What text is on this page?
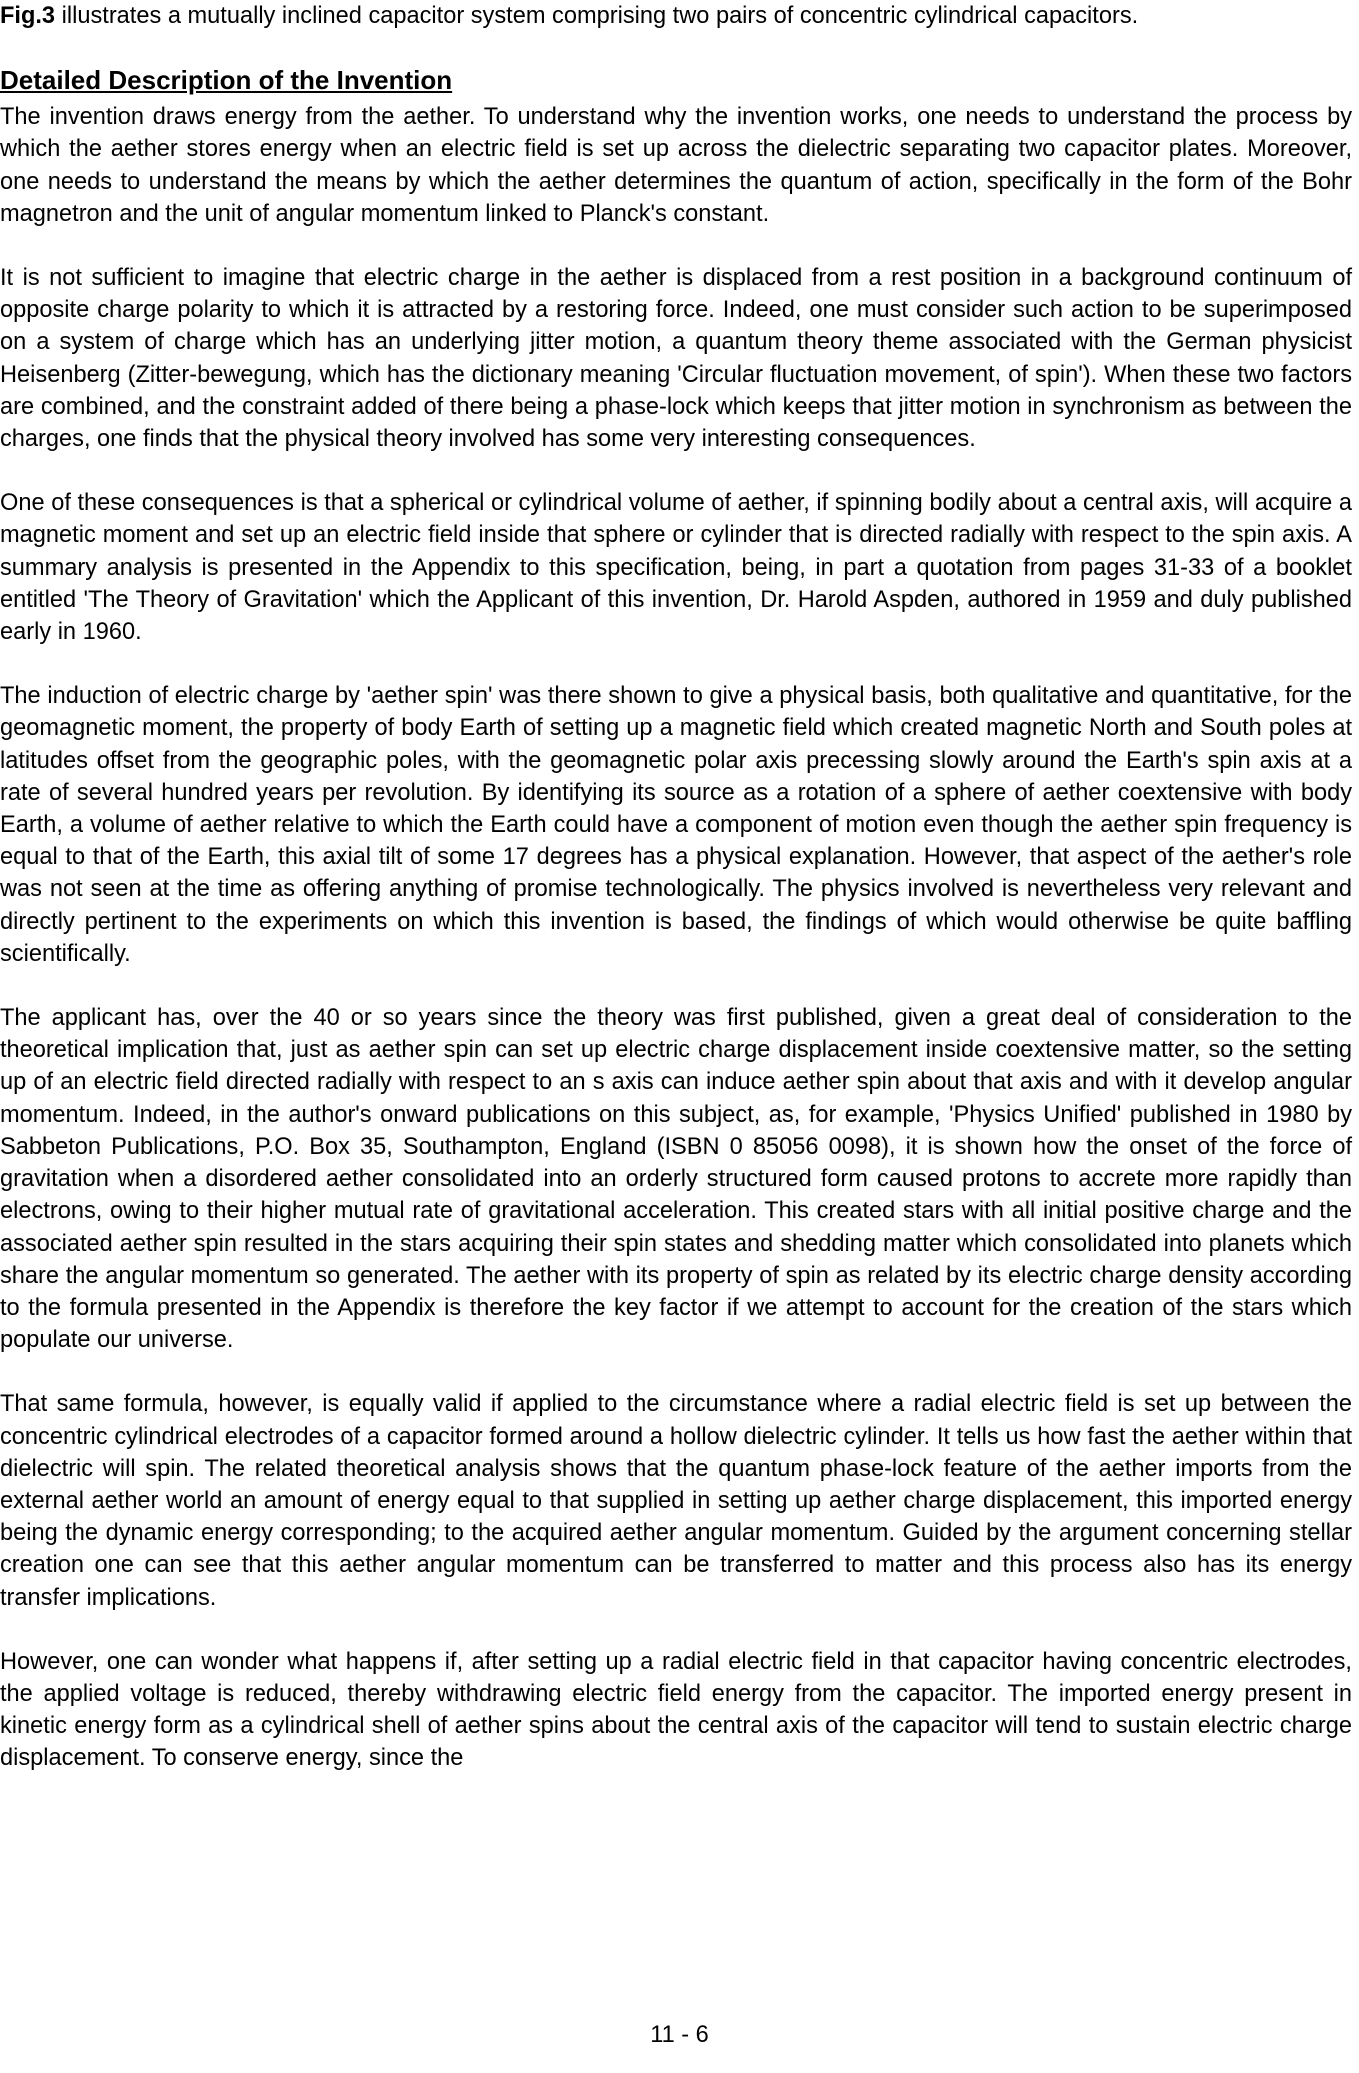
Fig.3 illustrates a mutually inclined capacitor system comprising two pairs of concentric cylindrical capacitors.

Detailed Description of the Invention

The invention draws energy from the aether. To understand why the invention works, one needs to understand the process by which the aether stores energy when an electric field is set up across the dielectric separating two capacitor plates. Moreover, one needs to understand the means by which the aether determines the quantum of action, specifically in the form of the Bohr magnetron and the unit of angular momentum linked to Planck's constant.

It is not sufficient to imagine that electric charge in the aether is displaced from a rest position in a background continuum of opposite charge polarity to which it is attracted by a restoring force. Indeed, one must consider such action to be superimposed on a system of charge which has an underlying jitter motion, a quantum theory theme associated with the German physicist Heisenberg (Zitter-bewegung, which has the dictionary meaning 'Circular fluctuation movement, of spin'). When these two factors are combined, and the constraint added of there being a phase-lock which keeps that jitter motion in synchronism as between the charges, one finds that the physical theory involved has some very interesting consequences.

One of these consequences is that a spherical or cylindrical volume of aether, if spinning bodily about a central axis, will acquire a magnetic moment and set up an electric field inside that sphere or cylinder that is directed radially with respect to the spin axis. A summary analysis is presented in the Appendix to this specification, being, in part a quotation from pages 31-33 of a booklet entitled 'The Theory of Gravitation' which the Applicant of this invention, Dr. Harold Aspden, authored in 1959 and duly published early in 1960.

The induction of electric charge by 'aether spin' was there shown to give a physical basis, both qualitative and quantitative, for the geomagnetic moment, the property of body Earth of setting up a magnetic field which created magnetic North and South poles at latitudes offset from the geographic poles, with the geomagnetic polar axis precessing slowly around the Earth's spin axis at a rate of several hundred years per revolution. By identifying its source as a rotation of a sphere of aether coextensive with body Earth, a volume of aether relative to which the Earth could have a component of motion even though the aether spin frequency is equal to that of the Earth, this axial tilt of some 17 degrees has a physical explanation. However, that aspect of the aether's role was not seen at the time as offering anything of promise technologically. The physics involved is nevertheless very relevant and directly pertinent to the experiments on which this invention is based, the findings of which would otherwise be quite baffling scientifically.

The applicant has, over the 40 or so years since the theory was first published, given a great deal of consideration to the theoretical implication that, just as aether spin can set up electric charge displacement inside coextensive matter, so the setting up of an electric field directed radially with respect to an s axis can induce aether spin about that axis and with it develop angular momentum. Indeed, in the author's onward publications on this subject, as, for example, 'Physics Unified' published in 1980 by Sabbeton Publications, P.O. Box 35, Southampton, England (ISBN 0 85056 0098), it is shown how the onset of the force of gravitation when a disordered aether consolidated into an orderly structured form caused protons to accrete more rapidly than electrons, owing to their higher mutual rate of gravitational acceleration. This created stars with all initial positive charge and the associated aether spin resulted in the stars acquiring their spin states and shedding matter which consolidated into planets which share the angular momentum so generated. The aether with its property of spin as related by its electric charge density according to the formula presented in the Appendix is therefore the key factor if we attempt to account for the creation of the stars which populate our universe.

That same formula, however, is equally valid if applied to the circumstance where a radial electric field is set up between the concentric cylindrical electrodes of a capacitor formed around a hollow dielectric cylinder. It tells us how fast the aether within that dielectric will spin. The related theoretical analysis shows that the quantum phase-lock feature of the aether imports from the external aether world an amount of energy equal to that supplied in setting up aether charge displacement, this imported energy being the dynamic energy corresponding; to the acquired aether angular momentum. Guided by the argument concerning stellar creation one can see that this aether angular momentum can be transferred to matter and this process also has its energy transfer implications.

However, one can wonder what happens if, after setting up a radial electric field in that capacitor having concentric electrodes, the applied voltage is reduced, thereby withdrawing electric field energy from the capacitor. The imported energy present in kinetic energy form as a cylindrical shell of aether spins about the central axis of the capacitor will tend to sustain electric charge displacement. To conserve energy, since the

11 - 6
